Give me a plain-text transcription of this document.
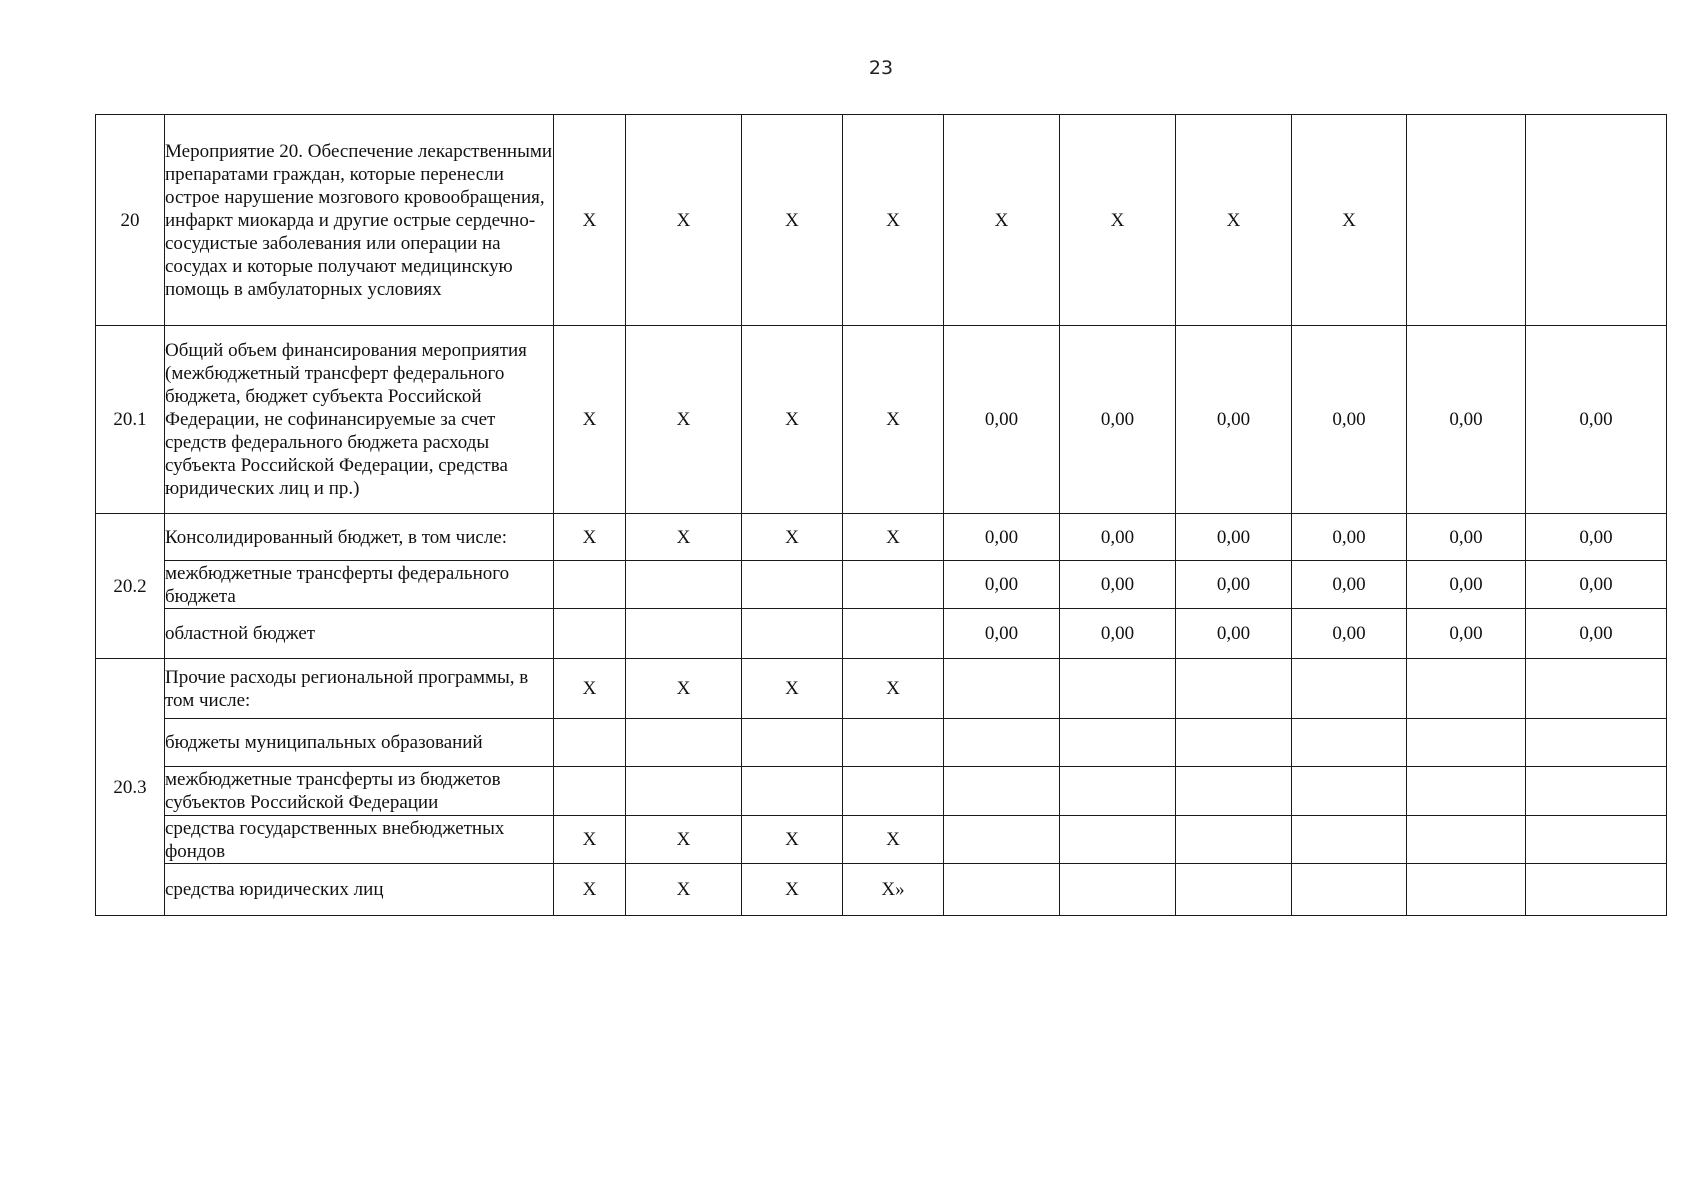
23
20	Мероприятие 20. Обеспечение лекарственными препаратами граждан, которые перенесли острое нарушение мозгового кровообращения, инфаркт миокарда и другие острые сердечно-сосудистые заболевания или операции на сосудах и которые получают медицинскую помощь в амбулаторных условиях	X	X	X	X	X	X	X	X		
20.1	Общий объем финансирования мероприятия (межбюджетный трансферт федерального бюджета, бюджет субъекта Российской Федерации, не софинансируемые за счет средств федерального бюджета расходы субъекта Российской Федерации, средства юридических лиц и пр.)	X	X	X	X	0,00	0,00	0,00	0,00	0,00	0,00
20.2	Консолидированный бюджет, в том числе:	X	X	X	X	0,00	0,00	0,00	0,00	0,00	0,00
	межбюджетные трансферты федерального бюджета					0,00	0,00	0,00	0,00	0,00	0,00
	областной бюджет					0,00	0,00	0,00	0,00	0,00	0,00
20.3	Прочие расходы региональной программы, в том числе:	X	X	X	X						
	бюджеты муниципальных образований										
	межбюджетные трансферты из бюджетов субъектов Российской Федерации										
	средства государственных внебюджетных фондов	X	X	X	X						
	средства юридических лиц	X	X	X	X»						
